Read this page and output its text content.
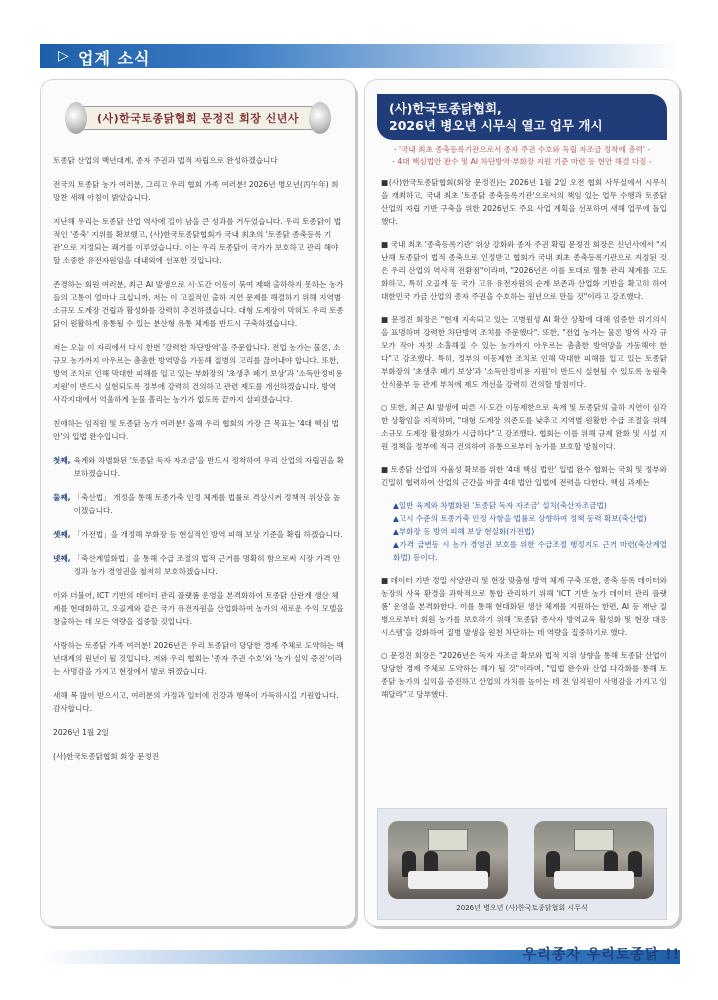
▷ 업계 소식
(사)한국토종닭협회 문정진 회장 신년사

토종닭 산업의 백년대계, 종자 주권과 법적 자립으로 완성하겠습니다

전국의 토종닭 농가 여러분, 그리고 우리 협회 가족 여러분! 2026년 병오년(丙午年) 희망찬 새해 아침이 밝았습니다.

지난해 우리는 토종닭 산업 역사에 길이 남을 큰 성과를 거두었습니다. 우리 토종닭이 법적인 '종축' 지위를 확보했고, (사)한국토종닭협회가 국내 최초의 '토종닭 종축등록 기관'으로 지정되는 쾌거를 이루었습니다. 이는 우리 토종닭이 국가가 보호하고 관리 해야 할 소중한 유전자원임을 대내외에 선포한 것입니다.

존경하는 회원 여러분, 최근 AI 발생으로 시·도간 이동이 묶여 제때 출하하지 못하는 농가들의 고통이 얼마나 크십니까. 저는 이 고질적인 출하 지연 문제를 해결하기 위해 지역별 소규모 도계장 건립과 활성화를 강력히 추진하겠습니다. 대형 도계장이 막혀도 우리 토종닭이 원활하게 유통될 수 있는 분산형 유통 체계를 반드시 구축하겠습니다.

저는 오늘 이 자리에서 다시 한번 '강력한 차단방역'을 주문합니다. 전업 농가는 물론, 소규모 농가까지 아우르는 촘촘한 방역망을 가동해 질병의 고리를 끊어내야 합니다. 또한, 방역 조치로 인해 막대한 피해를 입고 있는 부화장의 '초생추 폐기 보상'과 '소득안정비용 지원'이 반드시 실현되도록 정부에 강력히 건의하고 관련 제도를 개선하겠습니다. 방역 사각지대에서 억울하게 눈물 흘리는 농가가 없도록 끝까지 살피겠습니다.

친애하는 임직원 및 토종닭 농가 여러분! 올해 우리 협회의 가장 큰 목표는 '4대 핵심 법안'의 입법 완수입니다.

첫째, 육계와 차별화된 '토종닭 독자 자조금'을 반드시 정착하여 우리 산업의 자립권을 확보하겠습니다.
둘째, 「축산법」 개정을 통해 토종가축 인정 체계를 법률로 격상시켜 정책적 위상을 높이겠습니다.
셋째, 「가전법」을 개정해 부화장 등 현실적인 방역 피해 보상 기준을 확립 하겠습니다.
넷째, 「축산계열화법」을 통해 수급 조절의 법적 근거를 명확히 함으로써 시장 가격 안정과 농가 경영권을 철저히 보호하겠습니다.

이와 더불어, ICT 기반의 데이터 관리 플랫폼 운영을 본격화하여 토종닭 산란계 생산 체계를 현대화하고, 오골계와 같은 국가 유전자원을 산업화하여 농가의 새로운 수익 모델을 창출하는 데 모든 역량을 집중할 것입니다.

사랑하는 토종닭 가족 여러분! 2026년은 우리 토종닭이 당당한 경제 주체로 도약하는 백년대계의 원년이 될 것입니다. 저와 우리 협회는 '종자 주권 수호'와 '농가 실익 증진'이라는 사명감을 가지고 현장에서 발로 뛰겠습니다.

새해 복 많이 받으시고, 여러분의 가정과 일터에 건강과 행복이 가득하시길 기원합니다. 감사합니다.

2026년 1월 2일

(사)한국토종닭협회 회장 문정진

(사)한국토종닭협회,
2026년 병오년 시무식 열고 업무 개시
- '국내 최초 종축등록기관으로서 종자 주권 수호와 독립 자조금 정착에 총력' -
- 4대 핵심법안 완수 및 AI 차단방역·부화장 지원 기준 마련 등 현안 해결 다짐 -

■(사)한국토종닭협회(회장 문정진)는 2026년 1월 2일 오전 협회 사무실에서 시무식을 개최하고, 국내 최초 '토종닭 종축등록기관'으로서의 책임 있는 업무 수행과 토종닭 산업의 자립 기반 구축을 위한 2026년도 주요 사업 계획을 선포하며 새해 업무에 돌입했다.

■ 국내 최초 '종축등록기관' 위상 강화와 종자 주권 확립 문정진 회장은 신년사에서 "지난해 토종닭이 법적 종축으로 인정받고 협회가 국내 최초 종축등록기관으로 지정된 것은 우리 산업의 역사적 전환점"이라며, "2026년은 이를 토대로 혈통 관리 체계를 고도화하고, 특히 오골계 등 국가 고유 유전자원의 순계 보존과 산업화 기반을 확고히 하여 대한민국 가금 산업의 종자 주권을 수호하는 원년으로 만들 것"이라고 강조했다.

■ 문정진 회장은 "현재 지속되고 있는 고병원성 AI 확산 상황에 대해 엄중한 위기의식을 표명하며 강력한 차단방역 조치를 주문했다". 또한, "전업 농가는 물론 방역 사각 규모가 작아 자칫 소홀해질 수 있는 농가까지 아우르는 촘촘한 방역망을 가동해야 한다"고 강조했다. 특히, 정부의 이동제한 조치로 인해 막대한 피해를 입고 있는 토종닭 부화장의 '초생추 폐기 보상'과 '소득안정비용 지원'이 반드시 실현될 수 있도록 농림축산식품부 등 관계 부처에 제도 개선을 강력히 건의할 방침이다.

○ 또한, 최근 AI 발생에 따른 시·도간 이동제한으로 육계 및 토종닭의 출하 지연이 심각한 상황임을 지적하며, "대형 도계장 의존도를 낮추고 지역별 원활한 수급 조절을 위해 소규모 도계장 활성화가 시급하다"고 강조했다. 협회는 이를 위해 규제 완화 및 시설 지원 정책을 정부에 적극 건의하여 유통으로부터 농가를 보호할 방침이다.

■ 토종닭 산업의 자율성 확보를 위한 '4대 핵심 법안' 입법 완수 협회는 국회 및 정부와 긴밀히 협력하여 산업의 근간을 바꿀 4대 법안 입법에 전력을 다한다. 핵심 과제는

▲일반 육계와 차별화된 '토종닭 독자 자조금' 설치(축산자조금법)
▲고시 수준의 토종가축 인정 사항을 법률로 상향하여 정책 동력 확보(축산법)
▲부화장 등 방역 피해 보상 현실화(가전법)
▲가격 급변동 시 농가 경영권 보호를 위한 수급조절 행정지도 근거 마련(축산계열화법) 등이다.

■ 데이터 기반 정밀 사양관리 및 현장 맞춤형 방역 체계 구축 또한, 종축 등록 데이터와 농장의 사육 환경을 과학적으로 통합 관리하기 위해 'ICT 기반 농가 데이터 관리 플랫폼' 운영을 본격화한다. 이를 통해 현대화된 생산 체계를 지원하는 한편, AI 등 재난 질병으로부터 회원 농가를 보호하기 위해 '토종닭 종사자 방역교육 활성화 및 현장 대응 시스템'을 강화하여 질병 발생을 원천 차단하는 데 역량을 집중하기로 했다.

○ 문정진 회장은 "2026년은 독자 자조금 확보와 법적 지위 상향을 통해 토종닭 산업이 당당한 경제 주체로 도약하는 해가 될 것"이라며, "입법 완수와 산업 다각화를 통해 토종닭 농가의 실익을 증진하고 산업의 가치를 높이는 데 전 임직원이 사명감을 가지고 임해달라"고 당부했다.

2026년 병오년 (사)한국토종닭협회 시무식
우리종자 우리토종닭 !!
